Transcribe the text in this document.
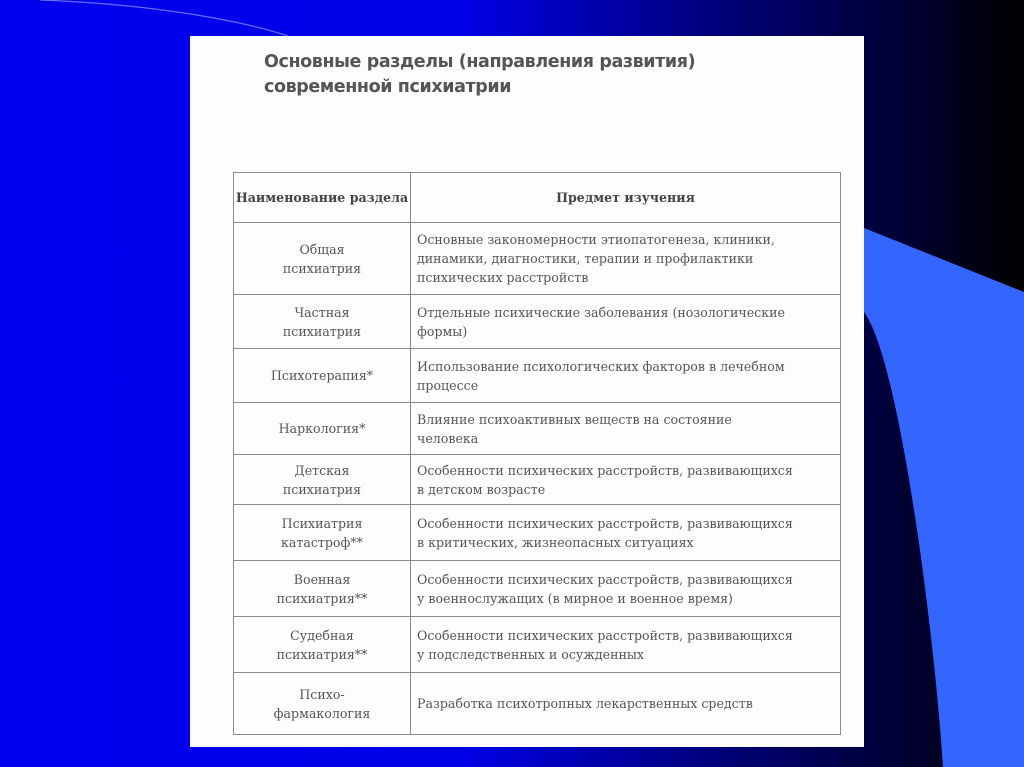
Основные разделы (направления развития)
современной психиатрии
Наименование раздела	Предмет изучения

Общая
психиатрия	Основные закономерности этиопатогенеза, клиники,
динамики, диагностики, терапии и профилактики
психических расстройств

Частная
психиатрия	Отдельные психические заболевания (нозологические
формы)

Психотерапия*	Использование психологических факторов в лечебном
процессе

Наркология*	Влияние психоактивных веществ на состояние
человека

Детская
психиатрия	Особенности психических расстройств, развивающихся
в детском возрасте

Психиатрия
катастроф**	Особенности психических расстройств, развивающихся
в критических, жизнеопасных ситуациях

Военная
психиатрия**	Особенности психических расстройств, развивающихся
у военнослужащих (в мирное и военное время)

Судебная
психиатрия**	Особенности психических расстройств, развивающихся
у подследственных и осужденных

Психо-
фармакология	Разработка психотропных лекарственных средств
